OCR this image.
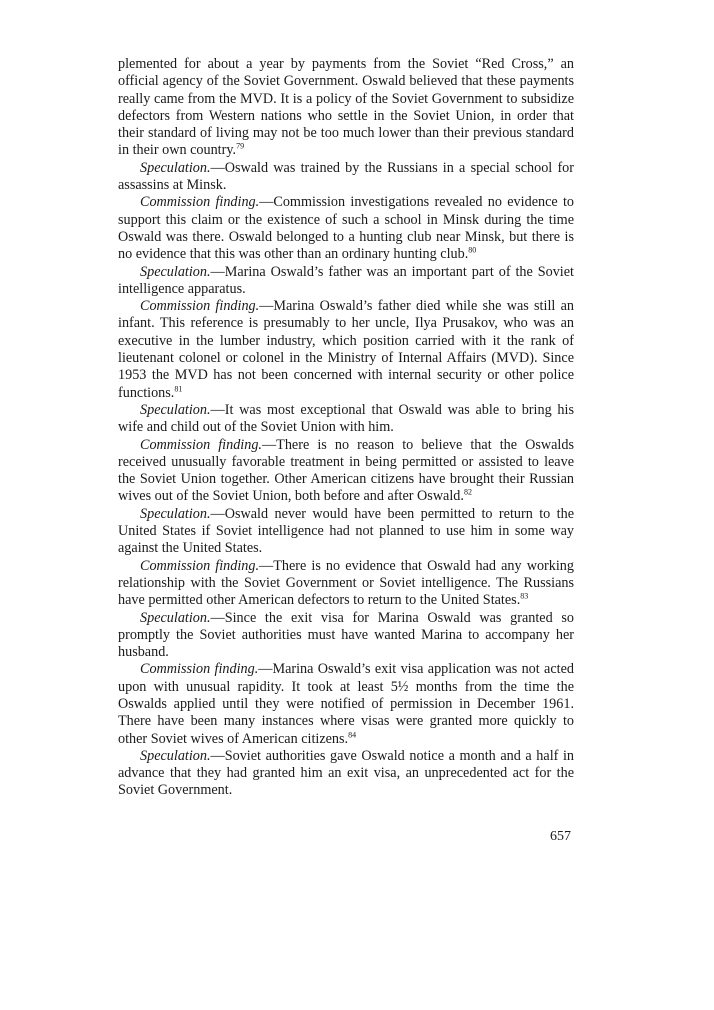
plemented for about a year by payments from the Soviet “Red Cross,” an official agency of the Soviet Government. Oswald believed that these payments really came from the MVD. It is a policy of the Soviet Government to subsidize defectors from Western nations who settle in the Soviet Union, in order that their standard of living may not be too much lower than their previous standard in their own country.$^{79}$

Speculation.—Oswald was trained by the Russians in a special school for assassins at Minsk.

Commission finding.—Commission investigations revealed no evidence to support this claim or the existence of such a school in Minsk during the time Oswald was there. Oswald belonged to a hunting club near Minsk, but there is no evidence that this was other than an ordinary hunting club.$^{80}$

Speculation.—Marina Oswald’s father was an important part of the Soviet intelligence apparatus.

Commission finding.—Marina Oswald’s father died while she was still an infant. This reference is presumably to her uncle, Ilya Prusakov, who was an executive in the lumber industry, which position carried with it the rank of lieutenant colonel or colonel in the Ministry of Internal Affairs (MVD). Since 1953 the MVD has not been concerned with internal security or other police functions.$^{81}$

Speculation.—It was most exceptional that Oswald was able to bring his wife and child out of the Soviet Union with him.

Commission finding.—There is no reason to believe that the Oswalds received unusually favorable treatment in being permitted or assisted to leave the Soviet Union together. Other American citizens have brought their Russian wives out of the Soviet Union, both before and after Oswald.$^{82}$

Speculation.—Oswald never would have been permitted to return to the United States if Soviet intelligence had not planned to use him in some way against the United States.

Commission finding.—There is no evidence that Oswald had any working relationship with the Soviet Government or Soviet intelligence. The Russians have permitted other American defectors to return to the United States.$^{83}$

Speculation.—Since the exit visa for Marina Oswald was granted so promptly the Soviet authorities must have wanted Marina to accompany her husband.

Commission finding.—Marina Oswald’s exit visa application was not acted upon with unusual rapidity. It took at least 5½ months from the time the Oswalds applied until they were notified of permission in December 1961. There have been many instances where visas were granted more quickly to other Soviet wives of American citizens.$^{84}$

Speculation.—Soviet authorities gave Oswald notice a month and a half in advance that they had granted him an exit visa, an unprecedented act for the Soviet Government.

657
